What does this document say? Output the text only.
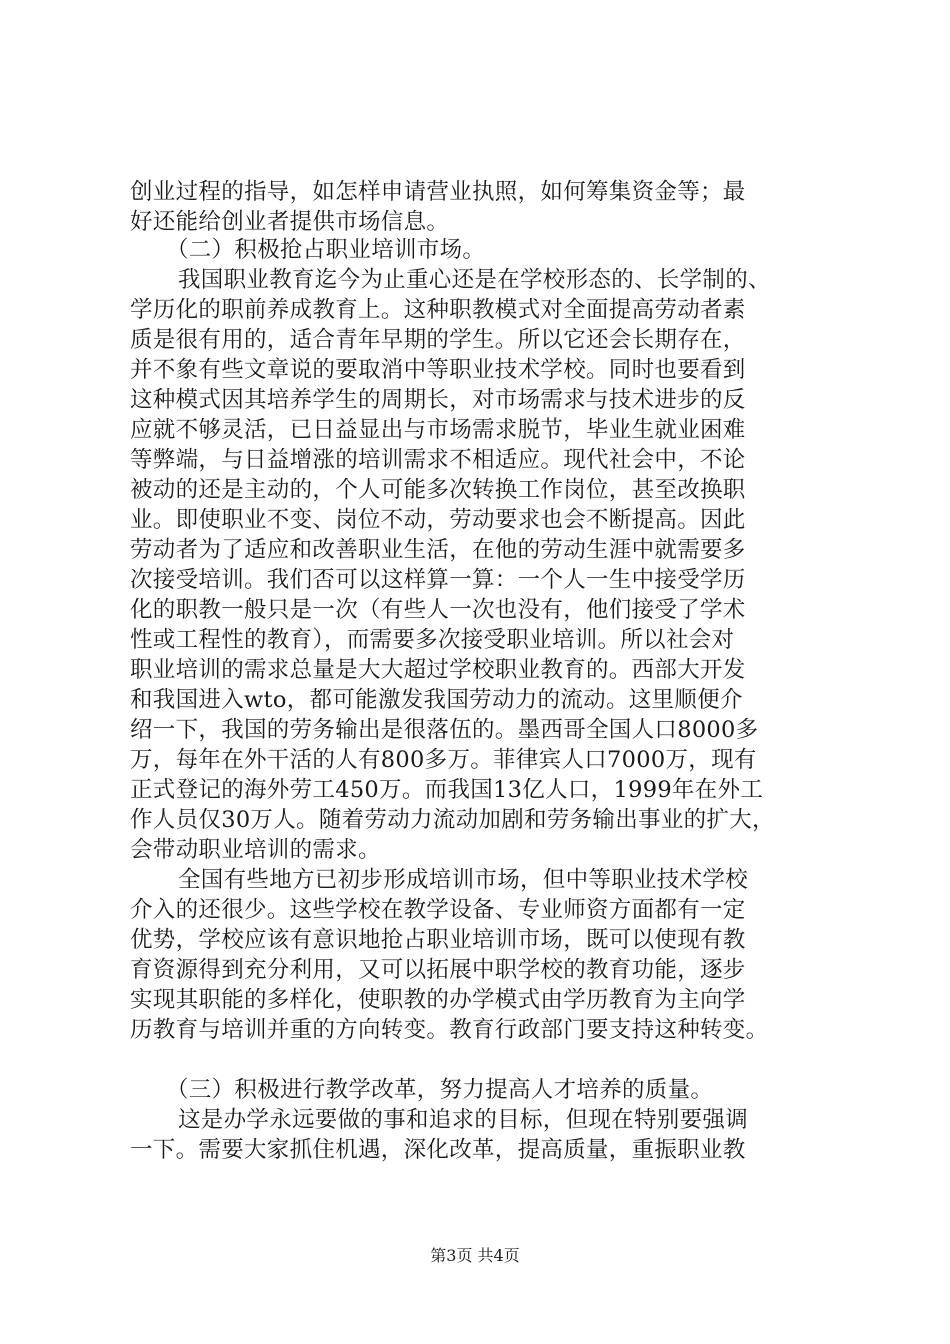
创业过程的指导，如怎样申请营业执照，如何筹集资金等；最
好还能给创业者提供市场信息。
（二）积极抢占职业培训市场。
我国职业教育迄今为止重心还是在学校形态的、长学制的、
学历化的职前养成教育上。这种职教模式对全面提高劳动者素
质是很有用的，适合青年早期的学生。所以它还会长期存在，
并不象有些文章说的要取消中等职业技术学校。同时也要看到
这种模式因其培养学生的周期长，对市场需求与技术进步的反
应就不够灵活，已日益显出与市场需求脱节，毕业生就业困难
等弊端，与日益增涨的培训需求不相适应。现代社会中，不论
被动的还是主动的，个人可能多次转换工作岗位，甚至改换职
业。即使职业不变、岗位不动，劳动要求也会不断提高。因此
劳动者为了适应和改善职业生活，在他的劳动生涯中就需要多
次接受培训。我们否可以这样算一算：一个人一生中接受学历
化的职教一般只是一次（有些人一次也没有，他们接受了学术
性或工程性的教育），而需要多次接受职业培训。所以社会对
职业培训的需求总量是大大超过学校职业教育的。西部大开发
和我国进入wto，都可能激发我国劳动力的流动。这里顺便介
绍一下，我国的劳务输出是很落伍的。墨西哥全国人口8000多
万，每年在外干活的人有800多万。菲律宾人口7000万，现有
正式登记的海外劳工450万。而我国13亿人口，1999年在外工
作人员仅30万人。随着劳动力流动加剧和劳务输出事业的扩大，
会带动职业培训的需求。
全国有些地方已初步形成培训市场，但中等职业技术学校
介入的还很少。这些学校在教学设备、专业师资方面都有一定
优势，学校应该有意识地抢占职业培训市场，既可以使现有教
育资源得到充分利用，又可以拓展中职学校的教育功能，逐步
实现其职能的多样化，使职教的办学模式由学历教育为主向学
历教育与培训并重的方向转变。教育行政部门要支持这种转变。
（三）积极进行教学改革，努力提高人才培养的质量。
这是办学永远要做的事和追求的目标，但现在特别要强调
一下。需要大家抓住机遇，深化改革，提高质量，重振职业教
第3页 共4页
